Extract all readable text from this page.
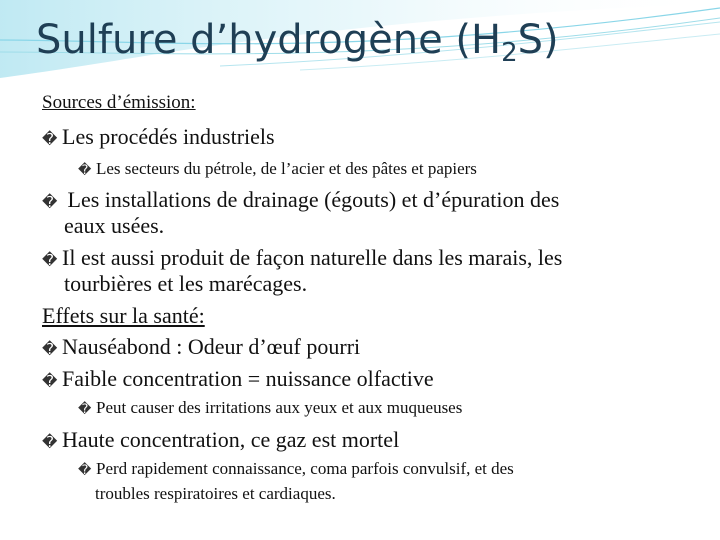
Sulfure d’hydrogène $(H_2S)$
Sources d’émission:
� Les procédés industriels
� Les secteurs du pétrole, de l’acier et des pâtes et papiers
� Les installations de drainage (égouts) et d’épuration des
eaux usées.
� Il est aussi produit de façon naturelle dans les marais, les
tourbières et les marécages.
Effets sur la santé:
� Nauséabond : Odeur d’œuf pourri
� Faible concentration = nuissance olfactive
� Peut causer des irritations aux yeux et aux muqueuses
� Haute concentration, ce gaz est mortel
� Perd rapidement connaissance, coma parfois convulsif, et des
troubles respiratoires et cardiaques.
